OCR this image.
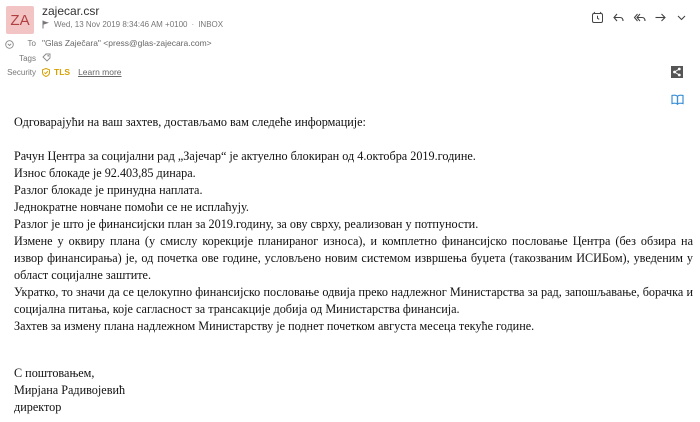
ZA
zajecar.csr
Wed, 13 Nov 2019 8:34:46 AM +0100 · INBOX
To "Glas Zaječara" <press@glas-zajecara.com>
Tags
Security TLS Learn more

Одговарајући на ваш захтев, достављамо вам следеће информације:

Рачун Центра за социјални рад „Зајечар“ је актуелно блокиран од 4.октобра 2019.године.

Износ блокаде је 92.403,85 динара.

Разлог блокаде је принудна наплата.

Једнократне новчане помоћи се не исплаћују.

Разлог је што је финансијски план за 2019.годину, за ову сврху, реализован у потпуности.

Измене у оквиру плана (у смислу корекције планираног износа), и комплетно финансијско пословање Центра (без обзира на извор финансирања) је, од почетка ове године, условљено новим системом извршења буџета (такозваним ИСИБом), уведеним у област социјалне заштите.

Укратко, то значи да се целокупно финансијско пословање одвија преко надлежног Министарства за рад, запошљавање, борачка и социјална питања, које сагласност за трансакције добија од Министарства финансија.

Захтев за измену плана надлежном Министарству је поднет почетком августа месеца текуће године.

С поштовањем,

Мирјана Радивојевић

директор
